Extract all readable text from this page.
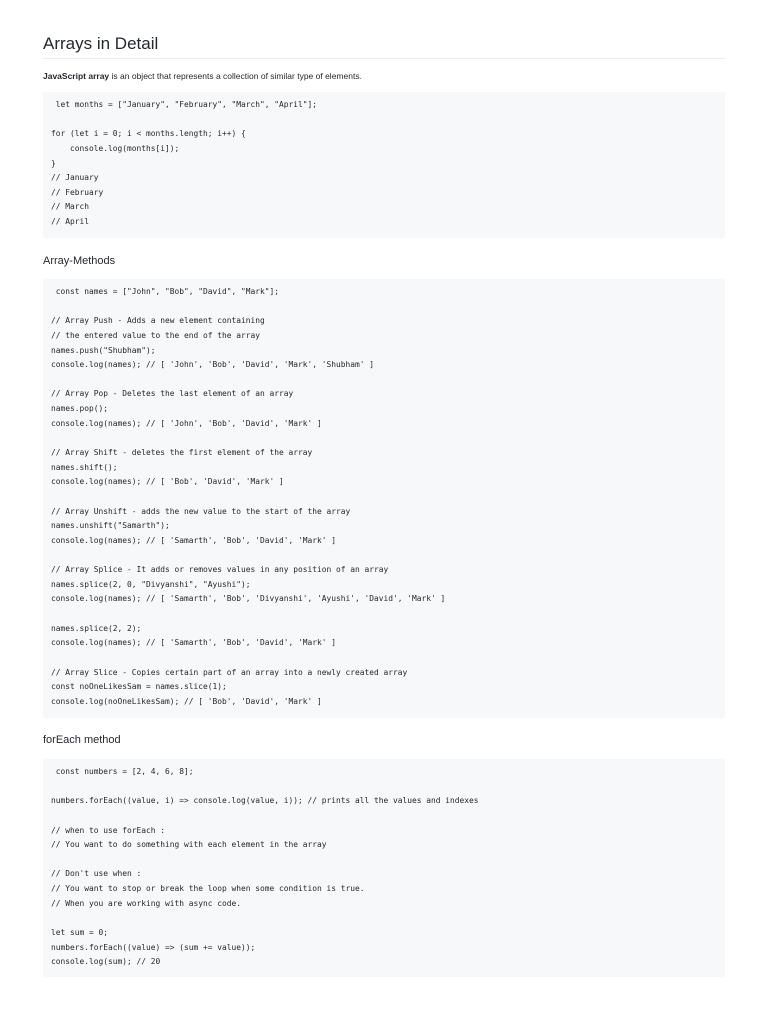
Arrays in Detail

JavaScript array is an object that represents a collection of similar type of elements.

let months = ["January", "February", "March", "April"];

for (let i = 0; i < months.length; i++) {
console.log(months[i]);
}
// January
// February
// March
// April
Array-Methods
const names = ["John", "Bob", "David", "Mark"];

// Array Push - Adds a new element containing
// the entered value to the end of the array
names.push("Shubham");
console.log(names); // [ 'John', 'Bob', 'David', 'Mark', 'Shubham' ]

// Array Pop - Deletes the last element of an array
names.pop();
console.log(names); // [ 'John', 'Bob', 'David', 'Mark' ]

// Array Shift - deletes the first element of the array
names.shift();
console.log(names); // [ 'Bob', 'David', 'Mark' ]

// Array Unshift - adds the new value to the start of the array
names.unshift("Samarth");
console.log(names); // [ 'Samarth', 'Bob', 'David', 'Mark' ]

// Array Splice - It adds or removes values in any position of an array
names.splice(2, 0, "Divyanshi", "Ayushi");
console.log(names); // [ 'Samarth', 'Bob', 'Divyanshi', 'Ayushi', 'David', 'Mark' ]

names.splice(2, 2);
console.log(names); // [ 'Samarth', 'Bob', 'David', 'Mark' ]

// Array Slice - Copies certain part of an array into a newly created array
const noOneLikesSam = names.slice(1);
console.log(noOneLikesSam); // [ 'Bob', 'David', 'Mark' ]
forEach method
const numbers = [2, 4, 6, 8];

numbers.forEach((value, i) => console.log(value, i)); // prints all the values and indexes

// when to use forEach :
// You want to do something with each element in the array

// Don't use when :
// You want to stop or break the loop when some condition is true.
// When you are working with async code.

let sum = 0;
numbers.forEach((value) => (sum += value));
console.log(sum); // 20
